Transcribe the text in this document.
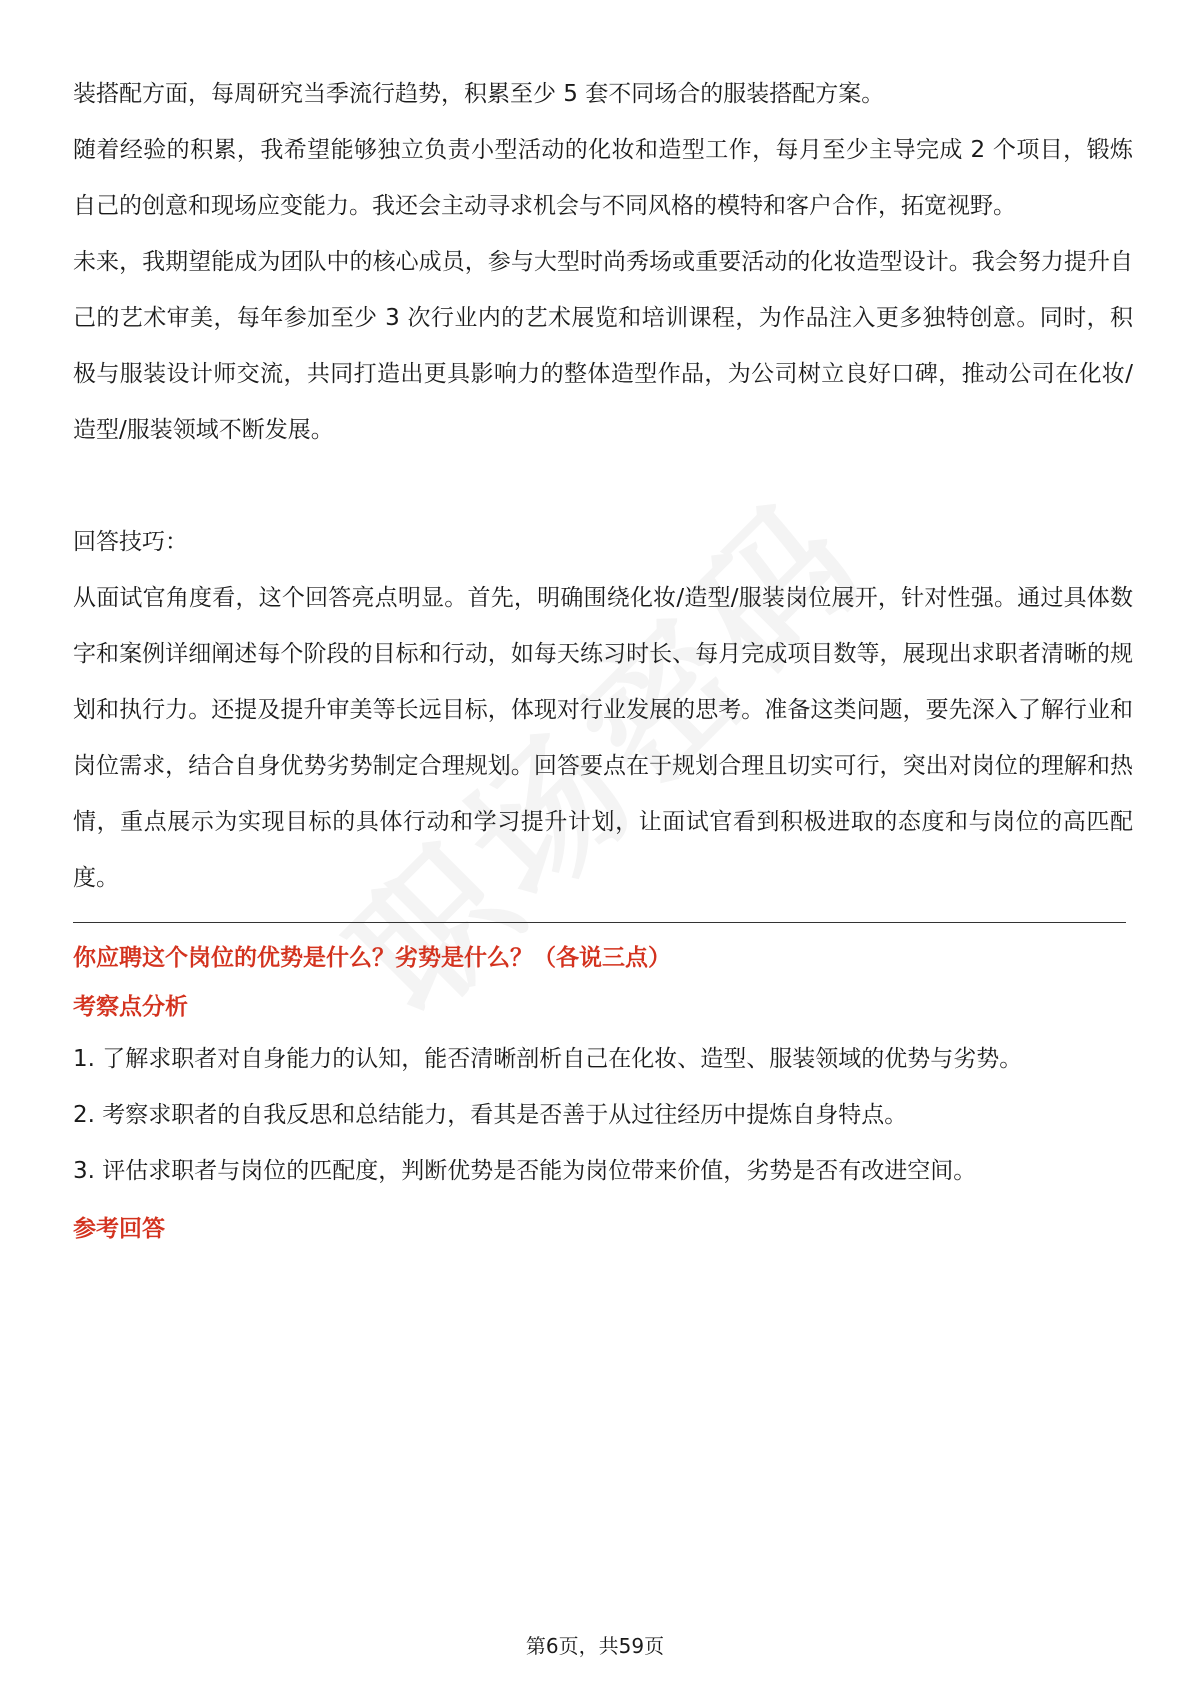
装搭配方面，每周研究当季流行趋势，积累至少 5 套不同场合的服装搭配方案。

随着经验的积累，我希望能够独立负责小型活动的化妆和造型工作，每月至少主导完成 2 个项目，锻炼自己的创意和现场应变能力。我还会主动寻求机会与不同风格的模特和客户合作，拓宽视野。

未来，我期望能成为团队中的核心成员，参与大型时尚秀场或重要活动的化妆造型设计。我会努力提升自己的艺术审美，每年参加至少 3 次行业内的艺术展览和培训课程，为作品注入更多独特创意。同时，积极与服装设计师交流，共同打造出更具影响力的整体造型作品，为公司树立良好口碑，推动公司在化妆/造型/服装领域不断发展。

回答技巧：

从面试官角度看，这个回答亮点明显。首先，明确围绕化妆/造型/服装岗位展开，针对性强。通过具体数字和案例详细阐述每个阶段的目标和行动，如每天练习时长、每月完成项目数等，展现出求职者清晰的规划和执行力。还提及提升审美等长远目标，体现对行业发展的思考。准备这类问题，要先深入了解行业和岗位需求，结合自身优势劣势制定合理规划。回答要点在于规划合理且切实可行，突出对岗位的理解和热情，重点展示为实现目标的具体行动和学习提升计划，让面试官看到积极进取的态度和与岗位的高匹配度。

你应聘这个岗位的优势是什么？劣势是什么？（各说三点）

考察点分析

1. 了解求职者对自身能力的认知，能否清晰剖析自己在化妆、造型、服装领域的优势与劣势。

2. 考察求职者的自我反思和总结能力，看其是否善于从过往经历中提炼自身特点。

3. 评估求职者与岗位的匹配度，判断优势是否能为岗位带来价值，劣势是否有改进空间。

参考回答

第6页，共59页
